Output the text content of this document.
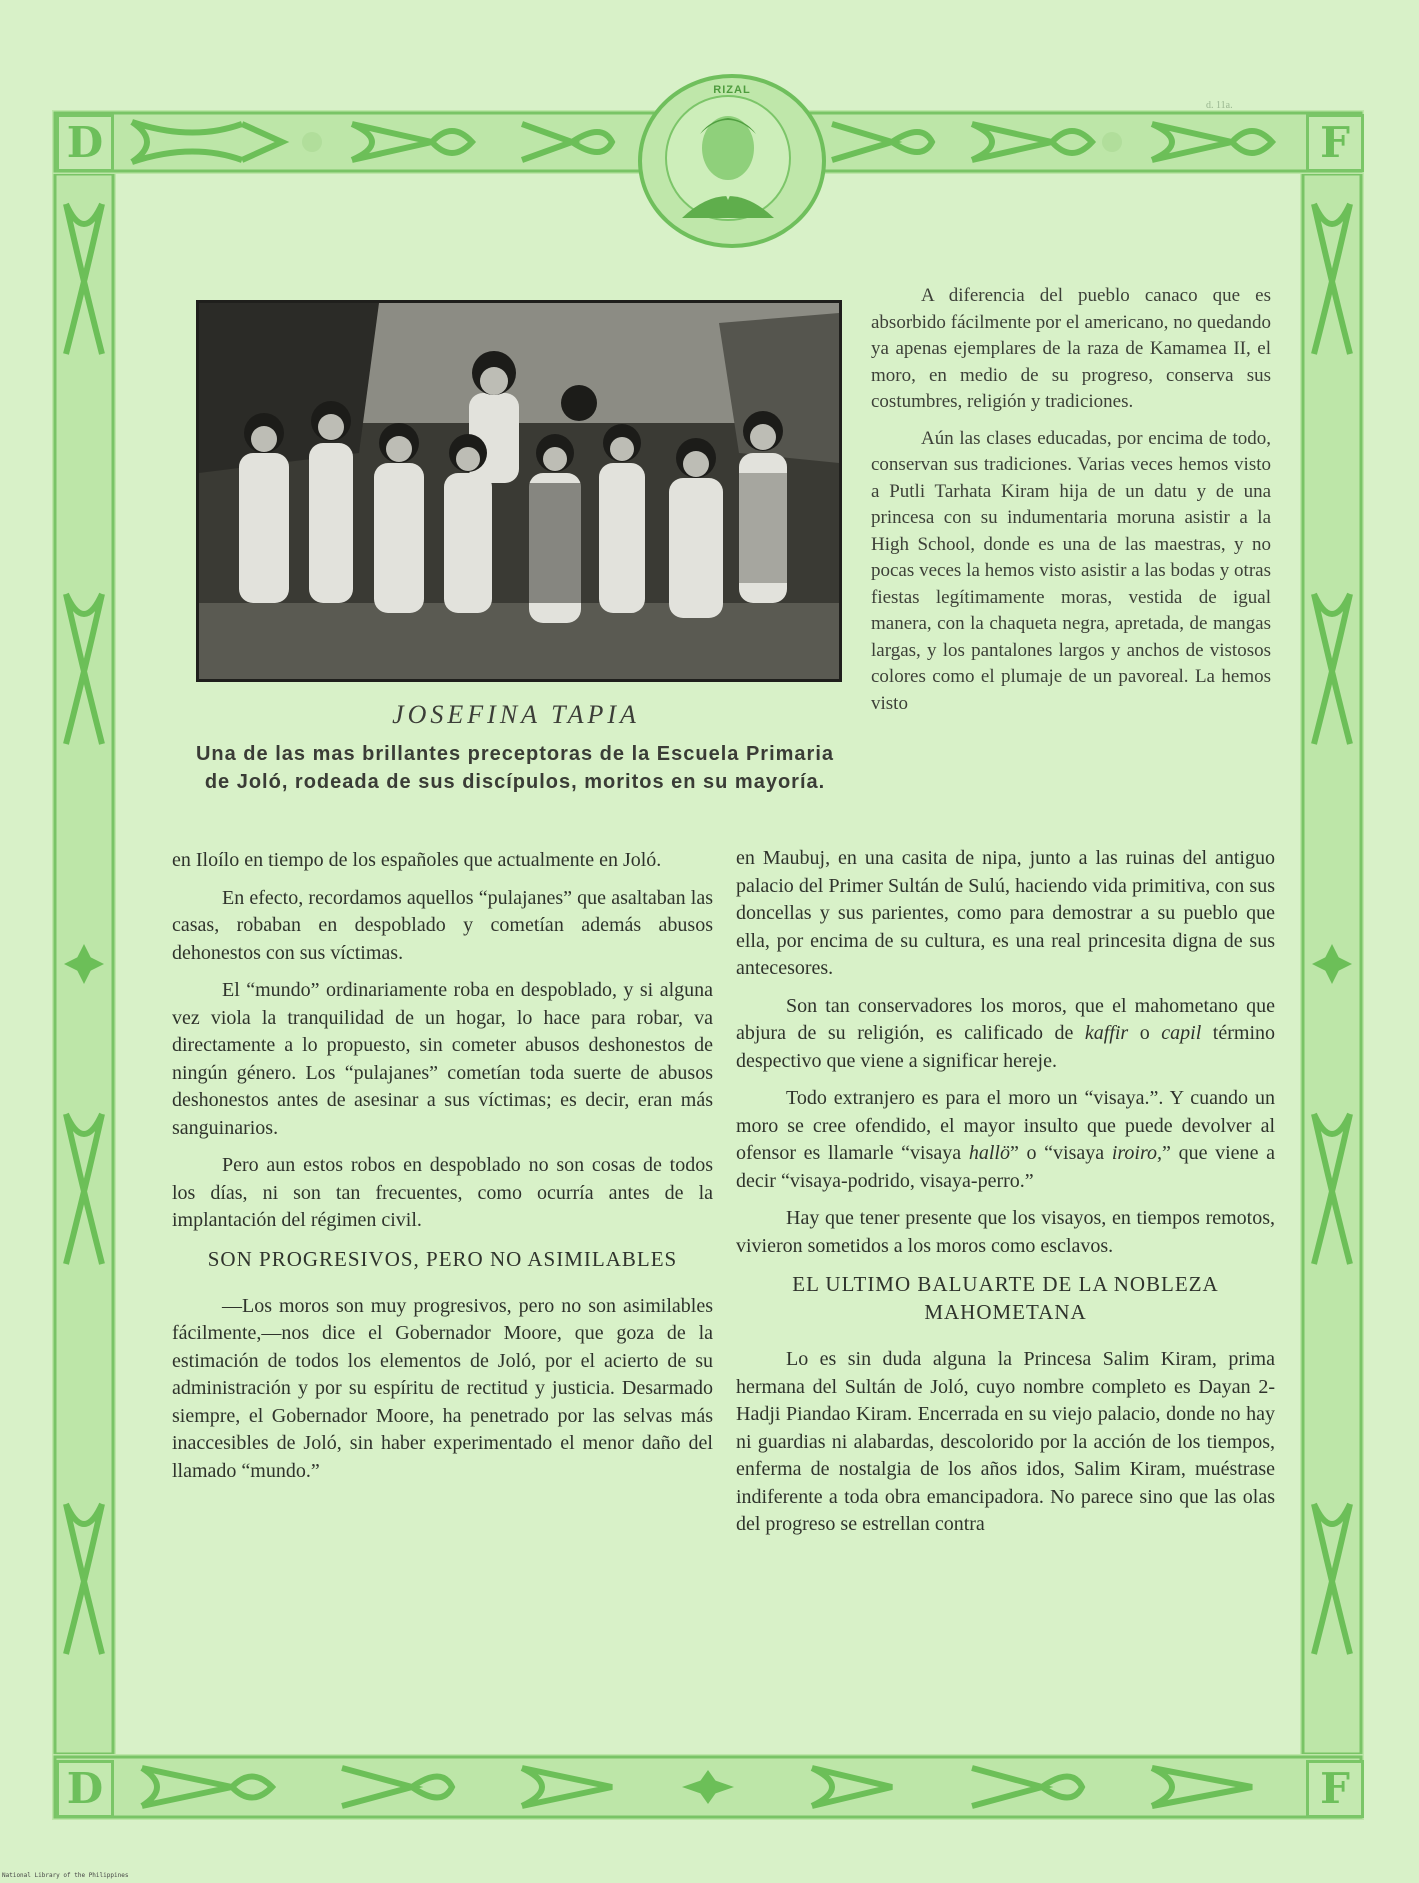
D	F
RIZAL
d. 11a.
D	F
JOSEFINA TAPIA
Una de las mas brillantes preceptoras de la Escuela Primaria de Joló, rodeada de sus discípulos, moritos en su mayoría.

A diferencia del pueblo canaco que es absorbido fácilmente por el americano, no quedando ya apenas ejemplares de la raza de Kamamea II, el moro, en medio de su progreso, conserva sus costumbres, religión y tradiciones.

Aún las clases educadas, por encima de todo, conservan sus tradiciones. Varias veces hemos visto a Putli Tarhata Kiram hija de un datu y de una princesa con su indumentaria moruna asistir a la High School, donde es una de las maestras, y no pocas veces la hemos visto asistir a las bodas y otras fiestas legítimamente moras, vestida de igual manera, con la chaqueta negra, apretada, de mangas largas, y los pantalones largos y anchos de vistosos colores como el plumaje de un pavoreal. La hemos visto

en Iloílo en tiempo de los españoles que actualmente en Joló.

En efecto, recordamos aquellos “pulajanes” que asaltaban las casas, robaban en despoblado y cometían además abusos dehonestos con sus víctimas.

El “mundo” ordinariamente roba en despoblado, y si alguna vez viola la tranquilidad de un hogar, lo hace para robar, va directamente a lo propuesto, sin cometer abusos deshonestos de ningún género. Los “pulajanes” cometían toda suerte de abusos deshonestos antes de asesinar a sus víctimas; es decir, eran más sanguinarios.

Pero aun estos robos en despoblado no son cosas de todos los días, ni son tan frecuentes, como ocurría antes de la implantación del régimen civil.

SON PROGRESIVOS, PERO NO ASIMILABLES

—Los moros son muy progresivos, pero no son asimilables fácilmente,—nos dice el Gobernador Moore, que goza de la estimación de todos los elementos de Joló, por el acierto de su administración y por su espíritu de rectitud y justicia. Desarmado siempre, el Gobernador Moore, ha penetrado por las selvas más inaccesibles de Joló, sin haber experimentado el menor daño del llamado “mundo.”

en Maubuj, en una casita de nipa, junto a las ruinas del antiguo palacio del Primer Sultán de Sulú, haciendo vida primitiva, con sus doncellas y sus parientes, como para demostrar a su pueblo que ella, por encima de su cultura, es una real princesita digna de sus antecesores.

Son tan conservadores los moros, que el mahometano que abjura de su religión, es calificado de kaffir o capil término despectivo que viene a significar hereje.

Todo extranjero es para el moro un “visaya.”. Y cuando un moro se cree ofendido, el mayor insulto que puede devolver al ofensor es llamarle “visaya hallö” o “visaya iroiro,” que viene a decir “visaya-podrido, visaya-perro.”

Hay que tener presente que los visayos, en tiempos remotos, vivieron sometidos a los moros como esclavos.

EL ULTIMO BALUARTE DE LA NOBLEZA MAHOMETANA

Lo es sin duda alguna la Princesa Salim Kiram, prima hermana del Sultán de Joló, cuyo nombre completo es Dayan 2-Hadji Piandao Kiram. Encerrada en su viejo palacio, donde no hay ni guardias ni alabardas, descolorido por la acción de los tiempos, enferma de nostalgia de los años idos, Salim Kiram, muéstrase indiferente a toda obra emancipadora. No parece sino que las olas del progreso se estrellan contra

National Library of the Philippines
